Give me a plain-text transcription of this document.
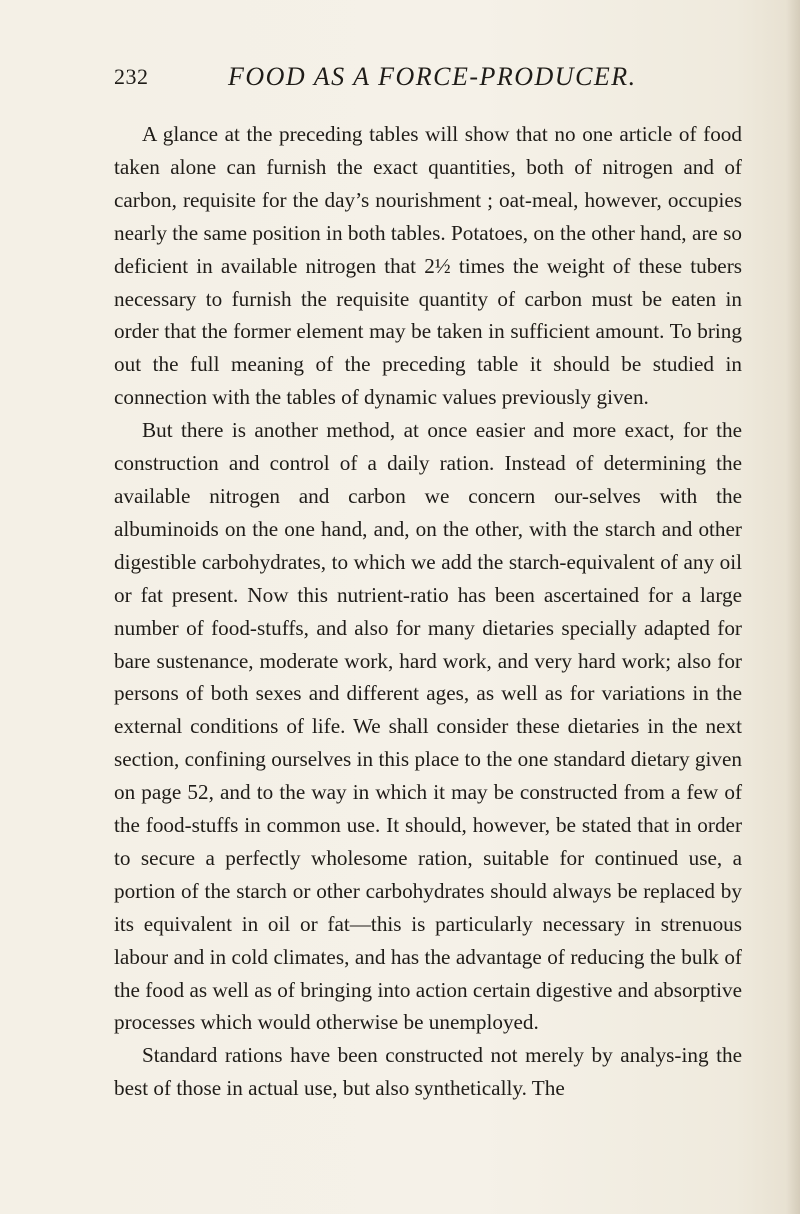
232	FOOD AS A FORCE-PRODUCER.

A glance at the preceding tables will show that no one article of food taken alone can furnish the exact quantities, both of nitrogen and of carbon, requisite for the day’s nourishment ; oat-meal, however, occupies nearly the same position in both tables. Potatoes, on the other hand, are so deficient in available nitrogen that 2½ times the weight of these tubers necessary to furnish the requisite quantity of carbon must be eaten in order that the former element may be taken in sufficient amount. To bring out the full meaning of the preceding table it should be studied in connection with the tables of dynamic values previously given.

But there is another method, at once easier and more exact, for the construction and control of a daily ration. Instead of determining the available nitrogen and carbon we concern our-selves with the albuminoids on the one hand, and, on the other, with the starch and other digestible carbohydrates, to which we add the starch-equivalent of any oil or fat present. Now this nutrient-ratio has been ascertained for a large number of food-stuffs, and also for many dietaries specially adapted for bare sustenance, moderate work, hard work, and very hard work; also for persons of both sexes and different ages, as well as for variations in the external conditions of life. We shall consider these dietaries in the next section, confining ourselves in this place to the one standard dietary given on page 52, and to the way in which it may be constructed from a few of the food-stuffs in common use. It should, however, be stated that in order to secure a perfectly wholesome ration, suitable for continued use, a portion of the starch or other carbohydrates should always be replaced by its equivalent in oil or fat—this is particularly necessary in strenuous labour and in cold climates, and has the advantage of reducing the bulk of the food as well as of bringing into action certain digestive and absorptive processes which would otherwise be unemployed.

Standard rations have been constructed not merely by analys-ing the best of those in actual use, but also synthetically. The
